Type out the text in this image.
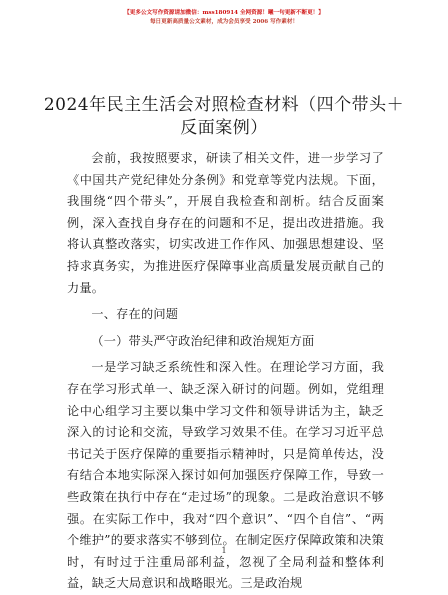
【更多公文写作资源请加微信：mss180914 全网资源！曦一句更新不断更！】
每日更新高质量公文素材，成为会员享受 2006 写作素材！
2024年民主生活会对照检查材料（四个带头＋反面案例）

会前，我按照要求，研读了相关文件，进一步学习了《中国共产党纪律处分条例》和党章等党内法规。下面，我围绕“四个带头”，开展自我检查和剖析。结合反面案例，深入查找自身存在的问题和不足，提出改进措施。我将认真整改落实，切实改进工作作风、加强思想建设、坚持求真务实，为推进医疗保障事业高质量发展贡献自己的力量。

一、存在的问题

（一）带头严守政治纪律和政治规矩方面

一是学习缺乏系统性和深入性。在理论学习方面，我存在学习形式单一、缺乏深入研讨的问题。例如，党组理论中心组学习主要以集中学习文件和领导讲话为主，缺乏深入的讨论和交流，导致学习效果不佳。在学习习近平总书记关于医疗保障的重要指示精神时，只是简单传达，没有结合本地实际深入探讨如何加强医疗保障工作，导致一些政策在执行中存在“走过场”的现象。二是政治意识不够强。在实际工作中，我对“四个意识”、“四个自信”、“两个维护”的要求落实不够到位。在制定医疗保障政策和决策时，有时过于注重局部利益，忽视了全局利益和整体利益，缺乏大局意识和战略眼光。三是政治规

1
